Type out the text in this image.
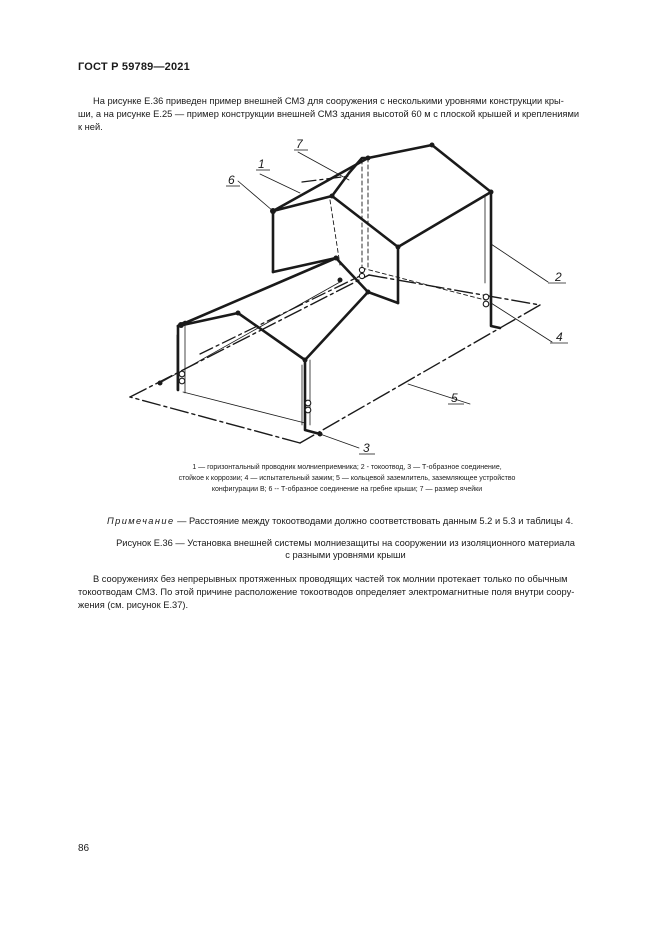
ГОСТ Р 59789—2021
На рисунке Е.36 приведен пример внешней СМЗ для сооружения с несколькими уровнями конструкции кры-
ши, а на рисунке Е.25 — пример конструкции внешней СМЗ здания высотой 60 м с плоской крышей и креплениями
к ней.
6
1
7
2
4
5
3
1 — горизонтальный проводник молниеприемника; 2 - токоотвод, 3 — Т-образное соединение,
стойкое к коррозии; 4 — испытательный зажим; 5 — кольцевой заземлитель, заземляющее устройство
конфигурации В; 6 -- Т-образное соединение на гребне крыши; 7 — размер ячейки
Примечание — Расстояние между токоотводами должно соответствовать данным 5.2 и 5.3 и таблицы 4.
Рисунок Е.36 — Установка внешней системы молниезащиты на сооружении из изоляционного материала
с разными уровнями крыши
В сооружениях без непрерывных протяженных проводящих частей ток молнии протекает только по обычным
токоотводам СМЗ. По этой причине расположение токоотводов определяет электромагнитные поля внутри соору-
жения (см. рисунок Е.37).
86
